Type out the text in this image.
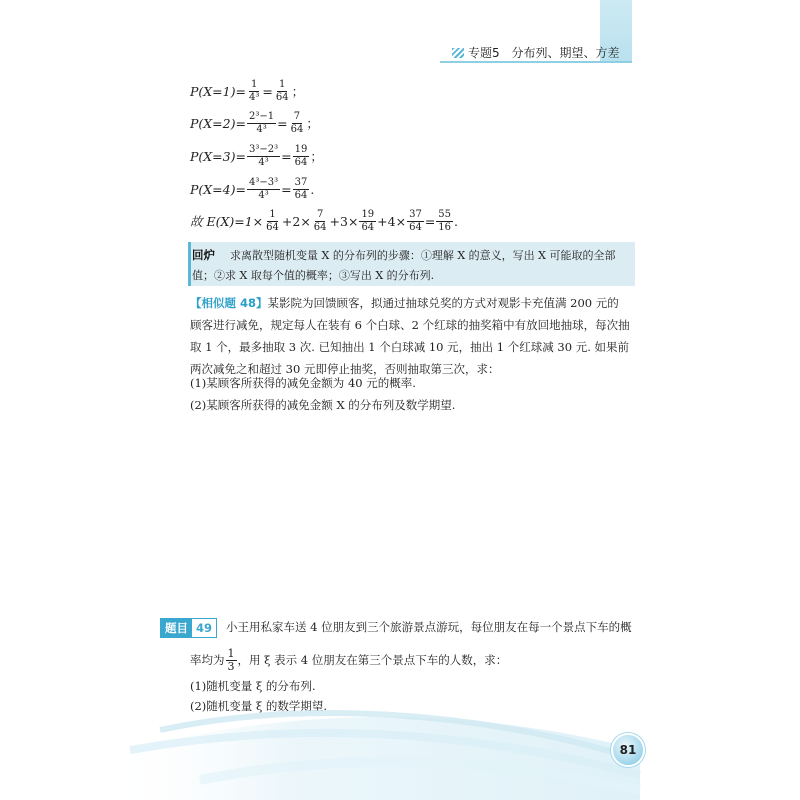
专题5 分布列、期望、方差
$P(X=1)= \frac{1}{\text{4³}} = \frac{1}{64}$ ；
$P(X=2)= \frac{\text{2³−1}}{\text{4³}} = \frac{7}{64}$ ；
$P(X=3)= \frac{\text{3³−2³}}{\text{4³}} = \frac{19}{64}$ ；
$P(X=4)= \frac{\text{4³−3³}}{\text{4³}} = \frac{37}{64}$ .
故 $E(X)=1\times \frac{1}{64} +2\times \frac{7}{64} +3\times \frac{19}{64} +4\times \frac{37}{64} = \frac{55}{16}$ .
回炉	求离散型随机变量 X 的分布列的步骤：①理解 X 的意义，写出 X 可能取的全部值；②求 X 取每个值的概率；③写出 X 的分布列.
【相似题 48】某影院为回馈顾客，拟通过抽球兑奖的方式对观影卡充值满 200 元的顾客进行减免，规定每人在装有 6 个白球、2 个红球的抽奖箱中有放回地抽球，每次抽取 1 个，最多抽取 3 次. 已知抽出 1 个白球减 10 元，抽出 1 个红球减 30 元. 如果前两次减免之和超过 30 元即停止抽奖，否则抽取第三次，求：
(1)某顾客所获得的减免金额为 40 元的概率.
(2)某顾客所获得的减免金额 X 的分布列及数学期望.
题目 49	小王用私家车送 4 位朋友到三个旅游景点游玩，每位朋友在每一个景点下车的概
率均为 $\frac{1}{3}$ ，用 ξ 表示 4 位朋友在第三个景点下车的人数，求：
(1)随机变量 ξ 的分布列.
(2)随机变量 ξ 的数学期望.
81
